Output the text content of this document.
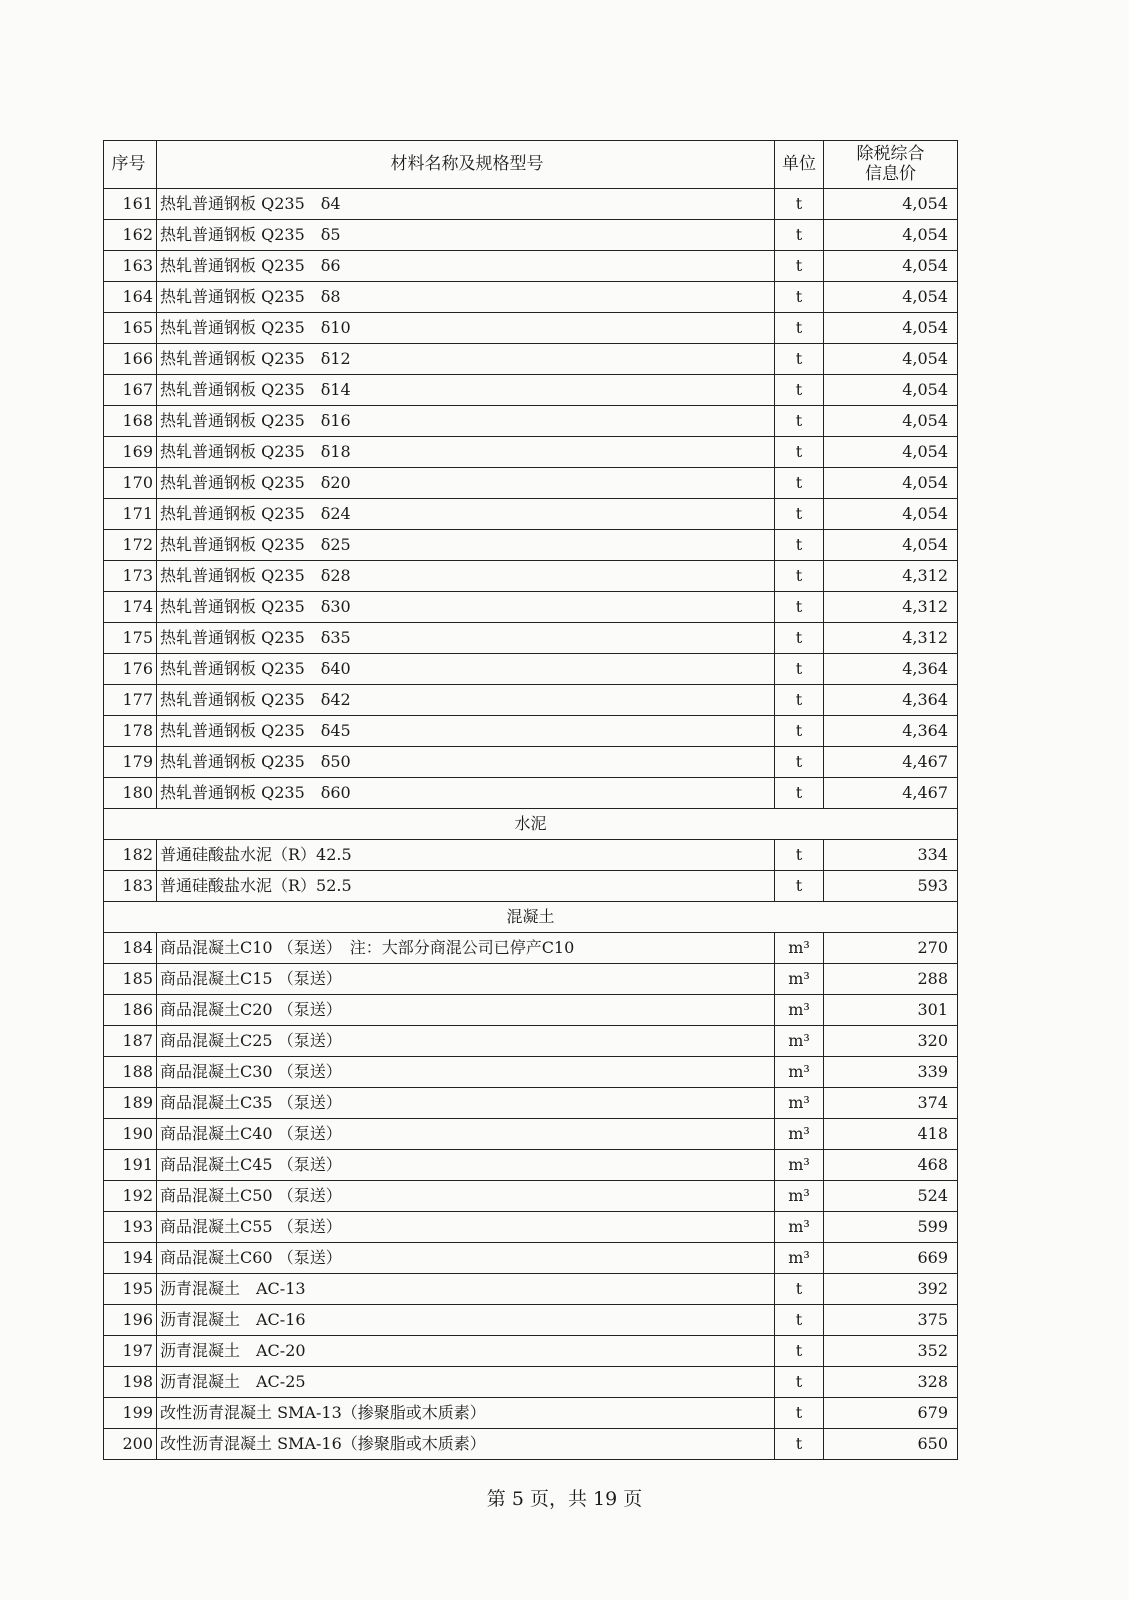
序号	材料名称及规格型号	单位	除税综合
信息价
161	热轧普通钢板 Q235　δ4	t	4,054
162	热轧普通钢板 Q235　δ5	t	4,054
163	热轧普通钢板 Q235　δ6	t	4,054
164	热轧普通钢板 Q235　δ8	t	4,054
165	热轧普通钢板 Q235　δ10	t	4,054
166	热轧普通钢板 Q235　δ12	t	4,054
167	热轧普通钢板 Q235　δ14	t	4,054
168	热轧普通钢板 Q235　δ16	t	4,054
169	热轧普通钢板 Q235　δ18	t	4,054
170	热轧普通钢板 Q235　δ20	t	4,054
171	热轧普通钢板 Q235　δ24	t	4,054
172	热轧普通钢板 Q235　δ25	t	4,054
173	热轧普通钢板 Q235　δ28	t	4,312
174	热轧普通钢板 Q235　δ30	t	4,312
175	热轧普通钢板 Q235　δ35	t	4,312
176	热轧普通钢板 Q235　δ40	t	4,364
177	热轧普通钢板 Q235　δ42	t	4,364
178	热轧普通钢板 Q235　δ45	t	4,364
179	热轧普通钢板 Q235　δ50	t	4,467
180	热轧普通钢板 Q235　δ60	t	4,467
水泥			
182	普通硅酸盐水泥（R）42.5	t	334
183	普通硅酸盐水泥（R）52.5	t	593
混凝土			
184	商品混凝土C10 （泵送）　注：大部分商混公司已停产C10	m³	270
185	商品混凝土C15 （泵送）	m³	288
186	商品混凝土C20 （泵送）	m³	301
187	商品混凝土C25 （泵送）	m³	320
188	商品混凝土C30 （泵送）	m³	339
189	商品混凝土C35 （泵送）	m³	374
190	商品混凝土C40 （泵送）	m³	418
191	商品混凝土C45 （泵送）	m³	468
192	商品混凝土C50 （泵送）	m³	524
193	商品混凝土C55 （泵送）	m³	599
194	商品混凝土C60 （泵送）	m³	669
195	沥青混凝土　AC-13	t	392
196	沥青混凝土　AC-16	t	375
197	沥青混凝土　AC-20	t	352
198	沥青混凝土　AC-25	t	328
199	改性沥青混凝土 SMA-13（掺聚脂或木质素）	t	679
200	改性沥青混凝土 SMA-16（掺聚脂或木质素）	t	650
第 5 页，共 19 页
